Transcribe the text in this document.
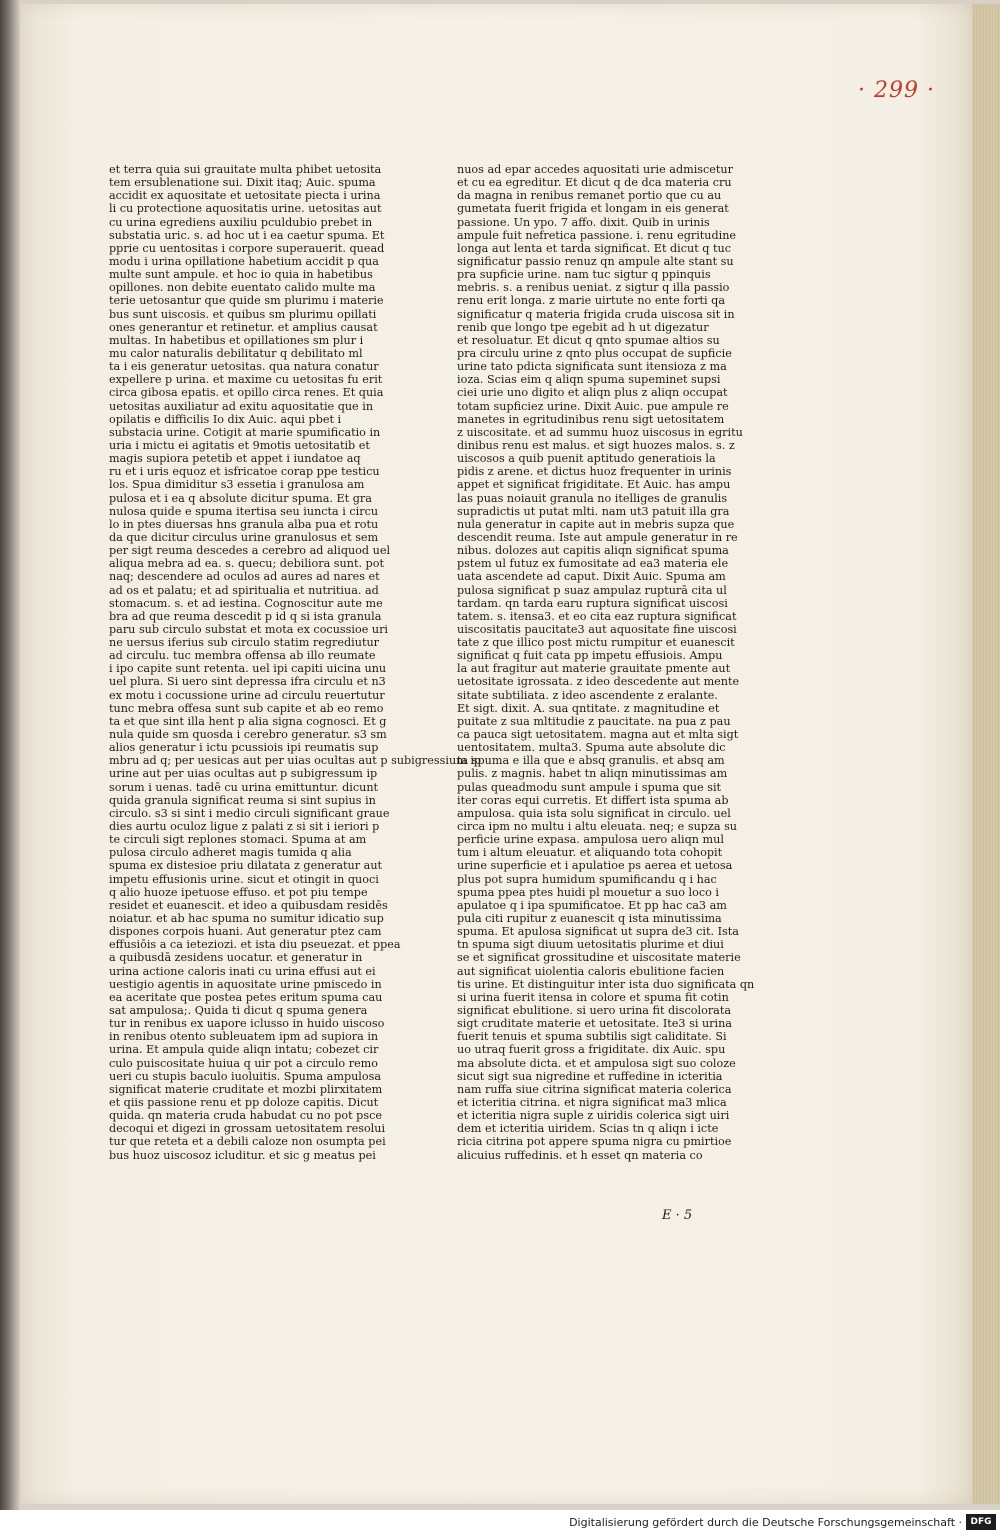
· 299 ·
et terra quia sui grauitate multa phibet uetosita
tem ersublenatione sui. Dixit itaq; Auic. spuma
accidit ex aquositate et uetositate piecta i urina
li cu protectione aquositatis urine. uetositas aut
cu urina egrediens auxiliu pculdubio prebet in
substatia uric. s. ad hoc ut i ea caetur spuma. Et
pprie cu uentositas i corpore superauerit. quead
modu i urina opillatione habetium accidit p qua
multe sunt ampule. et hoc io quia in habetibus
opillones. non debite euentato calido multe ma
terie uetosantur que quide sm plurimu i materie
bus sunt uiscosis. et quibus sm plurimu opillati
ones generantur et retinetur. et amplius causat
multas. In habetibus et opillationes sm plur i
mu calor naturalis debilitatur q debilitato ml
ta i eis generatur uetositas. qua natura conatur
expellere p urina. et maxime cu uetositas fu erit
circa gibosa epatis. et opillo circa renes. Et quia
uetositas auxiliatur ad exitu aquositatie que in
opilatis e difficilis Io dix Auic. aqui pbet i
substacia urine. Cotigit at marie spumificatio in
uria i mictu ei agitatis et 9motis uetositatib et
magis supiora petetib et appet i iundatoe aq
ru et i uris equoz et isfricatoe corap ppe testicu
los. Spua dimiditur s3 essetia i granulosa am
pulosa et i ea q absolute dicitur spuma. Et gra
nulosa quide e spuma itertisa seu iuncta i circu
lo in ptes diuersas hns granula alba pua et rotu
da que dicitur circulus urine granulosus et sem
per sigt reuma descedes a cerebro ad aliquod uel
aliqua mebra ad ea. s. quecu; debiliora sunt. pot
naq; descendere ad oculos ad aures ad nares et
ad os et palatu; et ad spiritualia et nutritiua. ad
stomacum. s. et ad iestina. Cognoscitur aute me
bra ad que reuma descedit p id q si ista granula
paru sub circulo substat et mota ex cocussioe uri
ne uersus iferius sub circulo statim regrediutur
ad circulu. tuc membra offensa ab illo reumate
i ipo capite sunt retenta. uel ipi capiti uicina unu
uel plura. Si uero sint depressa ifra circulu et n3
ex motu i cocussione urine ad circulu reuertutur
tunc mebra offesa sunt sub capite et ab eo remo
ta et que sint illa hent p alia signa cognosci. Et g
nula quide sm quosda i cerebro generatur. s3 sm
alios generatur i ictu pcussiois ipi reumatis sup
mbru ad q; per uesicas aut per uias ocultas aut p subigressium ip
urine aut per uias ocultas aut p subigressum ip
sorum i uenas. tadē cu urina emittuntur. dicunt
quida granula significat reuma si sint supius in
circulo. s3 si sint i medio circuli significant graue
dies aurtu oculoz ligue z palati z si sit i ieriori p
te circuli sigt replones stomaci. Spuma at am
pulosa circulo adheret magis tumida q alia
spuma ex distesioe priu dilatata z generatur aut
impetu effusionis urine. sicut et otingit in quoci
q alio huoze ipetuose effuso. et pot piu tempe
residet et euanescit. et ideo a quibusdam residēs
noiatur. et ab hac spuma no sumitur idicatio sup
dispones corpois huani. Aut generatur ptez cam
effusiōis a ca ieteziozi. et ista diu pseuezat. et ppea
a quibusdā zesidens uocatur. et generatur in
urina actione caloris inati cu urina effusi aut ei
uestigio agentis in aquositate urine pmiscedo in
ea aceritate que postea petes eritum spuma cau
sat ampulosa;. Quida ti dicut q spuma genera
tur in renibus ex uapore iclusso in huido uiscoso
in renibus otento subleuatem ipm ad supiora in
urina. Et ampula quide aliqn intatu; cobezet cir
culo puiscositate huiua q uir pot a circulo remo
ueri cu stupis baculo iuoluitis. Spuma ampulosa
significat materie cruditate et mozbi plirxitatem
et qiis passione renu et pp doloze capitis. Dicut
quida. qn materia cruda habudat cu no pot psce
decoqui et digezi in grossam uetositatem resolui
tur que reteta et a debili caloze non osumpta pei
bus huoz uiscosoz icluditur. et sic g meatus pei
nuos ad epar accedes aquositati urie admiscetur
et cu ea egreditur. Et dicut q de dca materia cru
da magna in renibus remanet portio que cu au
gumetata fuerit frigida et longam in eis generat
passione. Un ypo. 7 affo. dixit. Quib in urinis
ampule fuit nefretica passione. i. renu egritudine
longa aut lenta et tarda significat. Et dicut q tuc
significatur passio renuz qn ampule alte stant su
pra supficie urine. nam tuc sigtur q ppinquis
mebris. s. a renibus ueniat. z sigtur q illa passio
renu erit longa. z marie uirtute no ente forti qa
significatur q materia frigida cruda uiscosa sit in
renib que longo tpe egebit ad h ut digezatur
et resoluatur. Et dicut q qnto spumae altios su
pra circulu urine z qnto plus occupat de supficie
urine tato pdicta significata sunt itensioza z ma
ioza. Scias eim q aliqn spuma supeminet supsi
ciei urie uno digito et aliqn plus z aliqn occupat
totam supficiez urine. Dixit Auic. pue ampule re
manetes in egritudinibus renu sigt uetositatem
z uiscositate. et ad summu huoz uiscosus in egritu
dinibus renu est malus. et sigt huozes malos. s. z
uiscosos a quib puenit aptitudo generatiois la
pidis z arene. et dictus huoz frequenter in urinis
appet et significat frigiditate. Et Auic. has ampu
las puas noiauit granula no itelliges de granulis
supradictis ut putat mlti. nam ut3 patuit illa gra
nula generatur in capite aut in mebris supza que
descendit reuma. Iste aut ampule generatur in re
nibus. dolozes aut capitis aliqn significat spuma
pstem ul futuz ex fumositate ad ea3 materia ele
uata ascendete ad caput. Dixit Auic. Spuma am
pulosa significat p suaz ampulaz rupturā cita ul
tardam. qn tarda earu ruptura significat uiscosi
tatem. s. itensa3. et eo cita eaz ruptura significat
uiscositatis paucitate3 aut aquositate fine uiscosi
tate z que illico post mictu rumpitur et euanescit
significat q fuit cata pp impetu effusiois. Ampu
la aut fragitur aut materie grauitate pmente aut
uetositate igrossata. z ideo descedente aut mente
sitate subtiliata. z ideo ascendente z eralante.
Et sigt. dixit. A. sua qntitate. z magnitudine et
puitate z sua mltitudie z paucitate. na pua z pau
ca pauca sigt uetositatem. magna aut et mlta sigt
uentositatem. multa3. Spuma aute absolute dic
ta spuma e illa que e absq granulis. et absq am
pulis. z magnis. habet tn aliqn minutissimas am
pulas queadmodu sunt ampule i spuma que sit
iter coras equi curretis. Et differt ista spuma ab
ampulosa. quia ista solu significat in circulo. uel
circa ipm no multu i altu eleuata. neq; e supza su
perficie urine expasa. ampulosa uero aliqn mul
tum i altum eleuatur. et aliquando tota cohopit
urine superficie et i apulatioe ps aerea et uetosa
plus pot supra humidum spumificandu q i hac
spuma ppea ptes huidi pl mouetur a suo loco i
apulatoe q i ipa spumificatoe. Et pp hac ca3 am
pula citi rupitur z euanescit q ista minutissima
spuma. Et apulosa significat ut supra de3 cit. Ista
tn spuma sigt diuum uetositatis plurime et diui
se et significat grossitudine et uiscositate materie
aut significat uiolentia caloris ebulitione facien
tis urine. Et distinguitur inter ista duo significata qn
si urina fuerit itensa in colore et spuma fit cotin
significat ebulitione. si uero urina fit discolorata
sigt cruditate materie et uetositate. Ite3 si urina
fuerit tenuis et spuma subtilis sigt caliditate. Si
uo utraq fuerit gross a frigiditate. dix Auic. spu
ma absolute dicta. et et ampulosa sigt suo coloze
sicut sigt sua nigredine et ruffedine in icteritia
nam ruffa siue citrina significat materia colerica
et icteritia citrina. et nigra significat ma3 mlica
et icteritia nigra suple z uiridis colerica sigt uiri
dem et icteritia uiridem. Scias tn q aliqn i icte
ricia citrina pot appere spuma nigra cu pmirtioe
alicuius ruffedinis. et h esset qn materia co
E · 5
Digitalisierung gefördert durch die Deutsche Forschungsgemeinschaft · DFG
